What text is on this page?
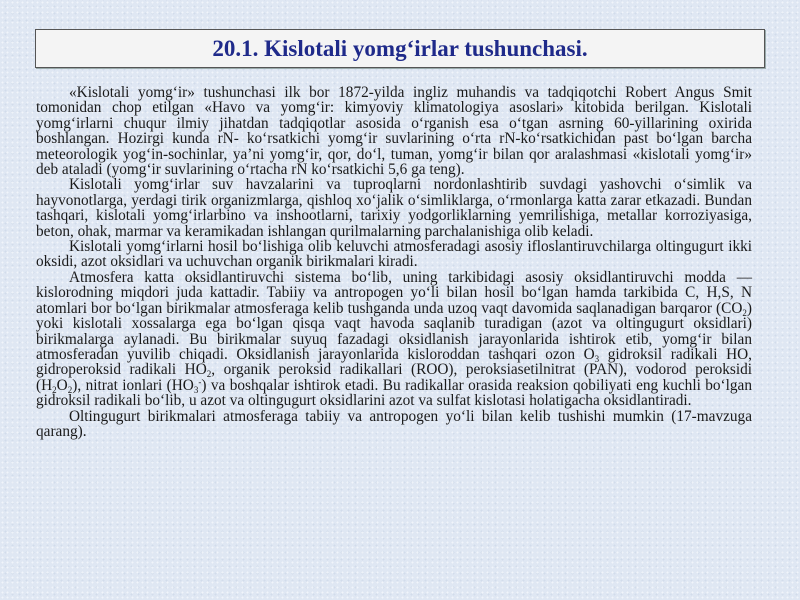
20.1. Kislotali yomg‘irlar tushunchasi.

«Kislotali yomg‘ir» tushunchasi ilk bor 1872-yilda ingliz muhandis va tadqiqotchi Robert Angus Smit tomonidan chop etilgan «Havo va yomg‘ir: kimyoviy klimatologiya asoslari» kitobida berilgan. Kislotali yomg‘irlarni chuqur ilmiy jihatdan tadqiqotlar asosida o‘rganish esa o‘tgan asrning 60-yillarining oxirida boshlangan. Hozirgi kunda rN- ko‘rsatkichi yomg‘ir suvlarining o‘rta rN-ko‘rsatkichidan past bo‘lgan barcha meteorologik yog‘in-sochinlar, ya’ni yomg‘ir, qor, do‘l, tuman, yomg‘ir bilan qor aralashmasi «kislotali yomg‘ir» deb ataladi (yomg‘ir suvlarining o‘rtacha rN ko‘rsatkichi 5,6 ga teng).

Kislotali yomg‘irlar suv havzalarini va tuproqlarni nordonlashtirib suvdagi yashovchi o‘simlik va hayvonotlarga, yerdagi tirik organizmlarga, qishloq xo‘jalik o‘simliklarga, o‘rmonlarga katta zarar etkazadi. Bundan tashqari, kislotali yomg‘irlarbino va inshootlarni, tarixiy yodgorliklarning yemrilishiga, metallar korroziyasiga, beton, ohak, marmar va keramikadan ishlangan qurilmalarning parchalanishiga olib keladi.

Kislotali yomg‘irlarni hosil bo‘lishiga olib keluvchi atmosferadagi asosiy ifloslantiruvchilarga oltingugurt ikki oksidi, azot oksidlari va uchuvchan organik birikmalari kiradi.

Atmosfera katta oksidlantiruvchi sistema bo‘lib, uning tarkibidagi asosiy oksidlantiruvchi modda — kislorodning miqdori juda kattadir. Tabiiy va antropogen yo‘li bilan hosil bo‘lgan hamda tarkibida C, H,S, N atomlari bor bo‘lgan birikmalar atmosferaga kelib tushganda unda uzoq vaqt davomida saqlanadigan barqaror $(CO_2)$ yoki kislotali xossalarga ega bo‘lgan qisqa vaqt havoda saqlanib turadigan (azot va oltingugurt oksidlari) birikmalarga aylanadi. Bu birikmalar suyuq fazadagi oksidlanish jarayonlarida ishtirok etib, yomg‘ir bilan atmosferadan yuvilib chiqadi. Oksidlanish jarayonlarida kisloroddan tashqari ozon $O_3$ gidroksil radikali HO, gidroperoksid radikali $HO_2$, organik peroksid radikallari (ROO), peroksiasetilnitrat (PAN), vodorod peroksidi $(H_2O_2)$, nitrat ionlari $(HO_3^-)$ va boshqalar ishtirok etadi. Bu radikallar orasida reaksion qobiliyati eng kuchli bo‘lgan gidroksil radikali bo‘lib, u azot va oltingugurt oksidlarini azot va sulfat kislotasi holatigacha oksidlantiradi.

Oltingugurt birikmalari atmosferaga tabiiy va antropogen yo‘li bilan kelib tushishi mumkin (17-mavzuga qarang).
